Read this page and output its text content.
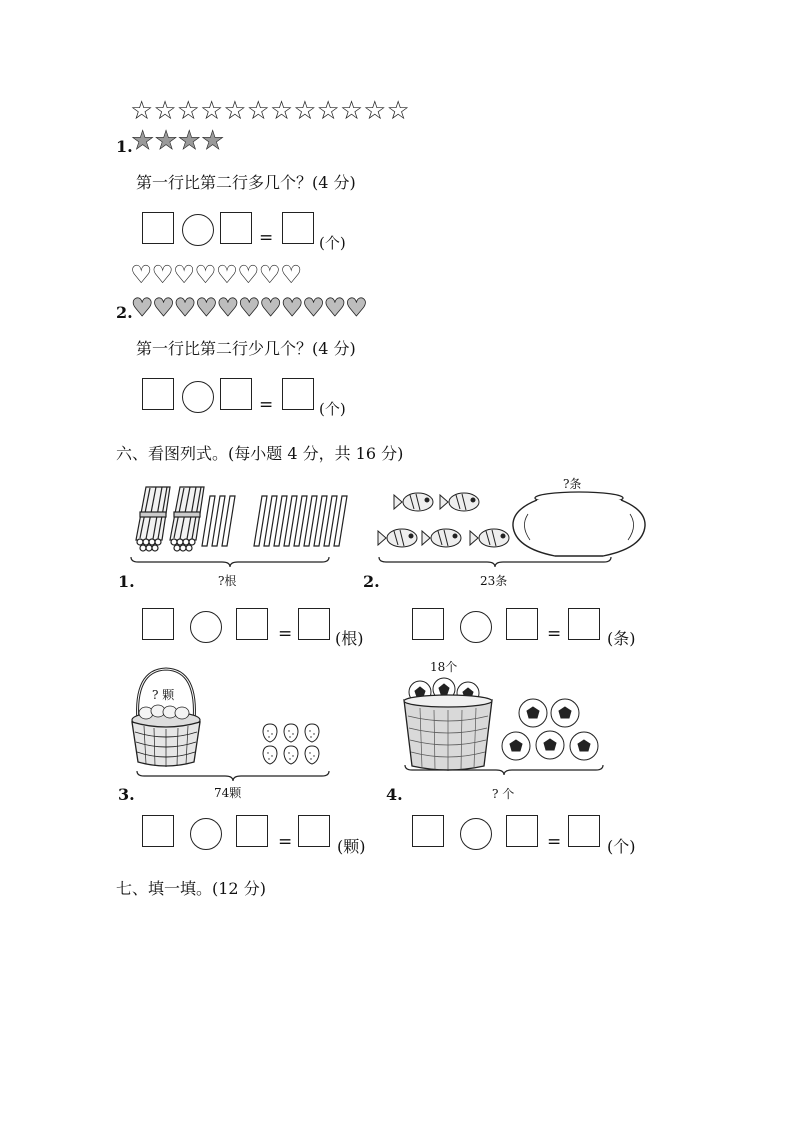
☆ ☆ ☆ ☆ ☆ ☆ ☆ ☆ ☆ ☆ ☆ ☆
1.
★ ★ ★ ★
第一行比第二行多几个？(4 分)
=	(个)
♡ ♡ ♡ ♡ ♡ ♡ ♡ ♡
2.
♥ ♥ ♥ ♥ ♥ ♥ ♥ ♥ ♥ ♥ ♥
第一行比第二行少几个？(4 分)
=	(个)
六、看图列式。(每小题 4 分，共 16 分)
?根
1.
=	(根)
?条
23条
2.
=	(条)
? 颗
74颗
3.
=	(颗)
18个
? 个
4.
=	(个)
七、填一填。(12 分)
